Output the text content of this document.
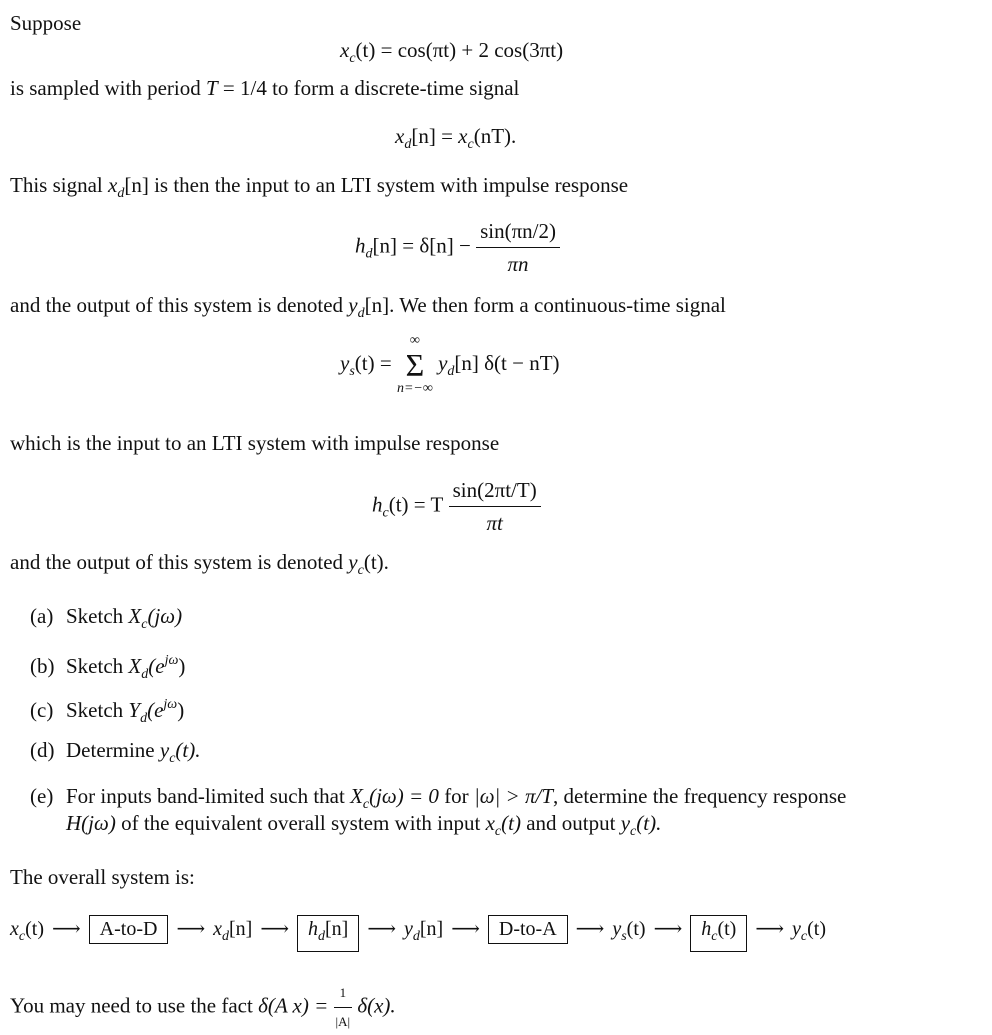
Suppose
$x_c(t) = \cos(\pi t) + 2$ cos(3πt)
is sampled with period T = 1/4 to form a discrete-time signal
$x_d[n] = x_c(nT)$.
This signal $x_d[n]$ is then the input to an LTI system with impulse response
$h_d[n] = \delta[n] - \frac{\sin(\pi n/2)}{\pi n}$
and the output of this system is denoted $y_d[n]$. We then form a continuous-time signal
$y_s(t)$ =
∞
Σ
n=−∞
$y_d[n] \delta(t - nT)$
which is the input to an LTI system with impulse response
$h_c(t) = T \frac{\sin(2\pi t/T)}{\pi t}$
and the output of this system is denoted $y_c(t)$.
(a) Sketch $X_c(j\omega)$
(b) Sketch $X_d(e^{j\omega})$
(c) Sketch $Y_d(e^{j\omega})$
(d) Determine $y_c(t)$.
(e) For inputs band-limited such that $X_c(j\omega) = 0$ for |ω| > π/T, determine the frequency response
H(jω) of the equivalent overall system with input $x_c(t)$ and output $y_c(t)$.
The overall system is:
$x_c(t)$ ⟶ A-to-D ⟶ $x_d[n]$ ⟶ $h_d[n]$ ⟶ $y_d[n]$ ⟶ D-to-A ⟶ $y_s(t)$ ⟶ $h_c(t)$ ⟶ $y_c(t)$
You may need to use the fact δ(A $x) = \frac{1}{|A|} \delta(x)$.
